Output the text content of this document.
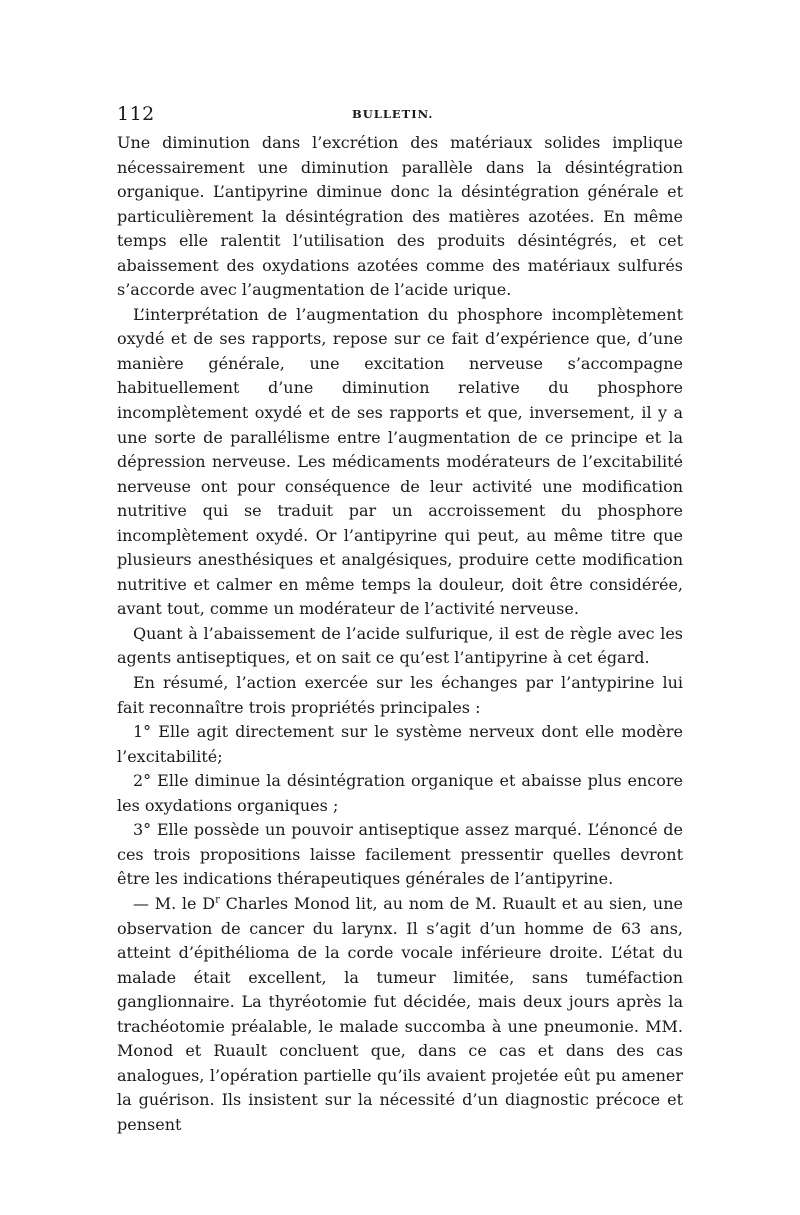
112	BULLETIN.

Une diminution dans l’excrétion des matériaux solides implique nécessairement une diminution parallèle dans la désintégration organique. L’antipyrine diminue donc la désintégration générale et particulièrement la désintégration des matières azotées. En même temps elle ralentit l’utilisation des produits désintégrés, et cet abaissement des oxydations azotées comme des matériaux sulfurés s’accorde avec l’augmentation de l’acide urique.

L’interprétation de l’augmentation du phosphore incomplètement oxydé et de ses rapports, repose sur ce fait d’expérience que, d’une manière générale, une excitation nerveuse s’accompagne habituellement d’une diminution relative du phosphore incomplètement oxydé et de ses rapports et que, inversement, il y a une sorte de parallélisme entre l’augmentation de ce principe et la dépression nerveuse. Les médicaments modérateurs de l’excitabilité nerveuse ont pour conséquence de leur activité une modification nutritive qui se traduit par un accroissement du phosphore incomplètement oxydé. Or l’antipyrine qui peut, au même titre que plusieurs anesthésiques et analgésiques, produire cette modification nutritive et calmer en même temps la douleur, doit être considérée, avant tout, comme un modérateur de l’activité nerveuse.

Quant à l’abaissement de l’acide sulfurique, il est de règle avec les agents antiseptiques, et on sait ce qu’est l’antipyrine à cet égard.

En résumé, l’action exercée sur les échanges par l’antypirine lui fait reconnaître trois propriétés principales :

1° Elle agit directement sur le système nerveux dont elle modère l’excitabilité;

2° Elle diminue la désintégration organique et abaisse plus encore les oxydations organiques ;

3° Elle possède un pouvoir antiseptique assez marqué. L’énoncé de ces trois propositions laisse facilement pressentir quelles devront être les indications thérapeutiques générales de l’antipyrine.

— M. le $D^r$ Charles Monod lit, au nom de M. Ruault et au sien, une observation de cancer du larynx. Il s’agit d’un homme de 63 ans, atteint d’épithélioma de la corde vocale inférieure droite. L’état du malade était excellent, la tumeur limitée, sans tuméfaction ganglionnaire. La thyréotomie fut décidée, mais deux jours après la trachéotomie préalable, le malade succomba à une pneumonie. MM. Monod et Ruault concluent que, dans ce cas et dans des cas analogues, l’opération partielle qu’ils avaient projetée eût pu amener la guérison. Ils insistent sur la nécessité d’un diagnostic précoce et pensent
